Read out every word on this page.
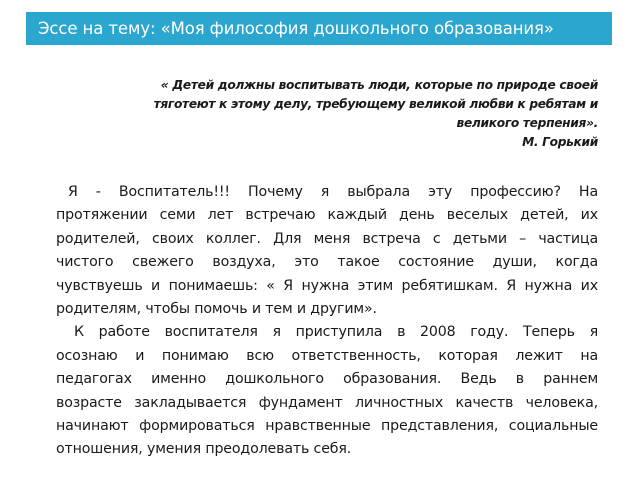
Эссе на тему: «Моя философия дошкольного образования»
« Детей должны воспитывать люди, которые по природе своей
тяготеют к этому делу, требующему великой любви к ребятам и
великого терпения».
М. Горький
Я - Воспитатель!!! Почему я выбрала эту профессию? На
протяжении семи лет встречаю каждый день веселых детей, их
родителей, своих коллег. Для меня встреча с детьми – частица
чистого свежего воздуха, это такое состояние души, когда
чувствуешь и понимаешь: « Я нужна этим ребятишкам. Я нужна их
родителям, чтобы помочь и тем и другим».
К работе воспитателя я приступила в 2008 году. Теперь я
осознаю и понимаю всю ответственность, которая лежит на
педагогах именно дошкольного образования. Ведь в раннем
возрасте закладывается фундамент личностных качеств человека,
начинают формироваться нравственные представления, социальные
отношения, умения преодолевать себя.
